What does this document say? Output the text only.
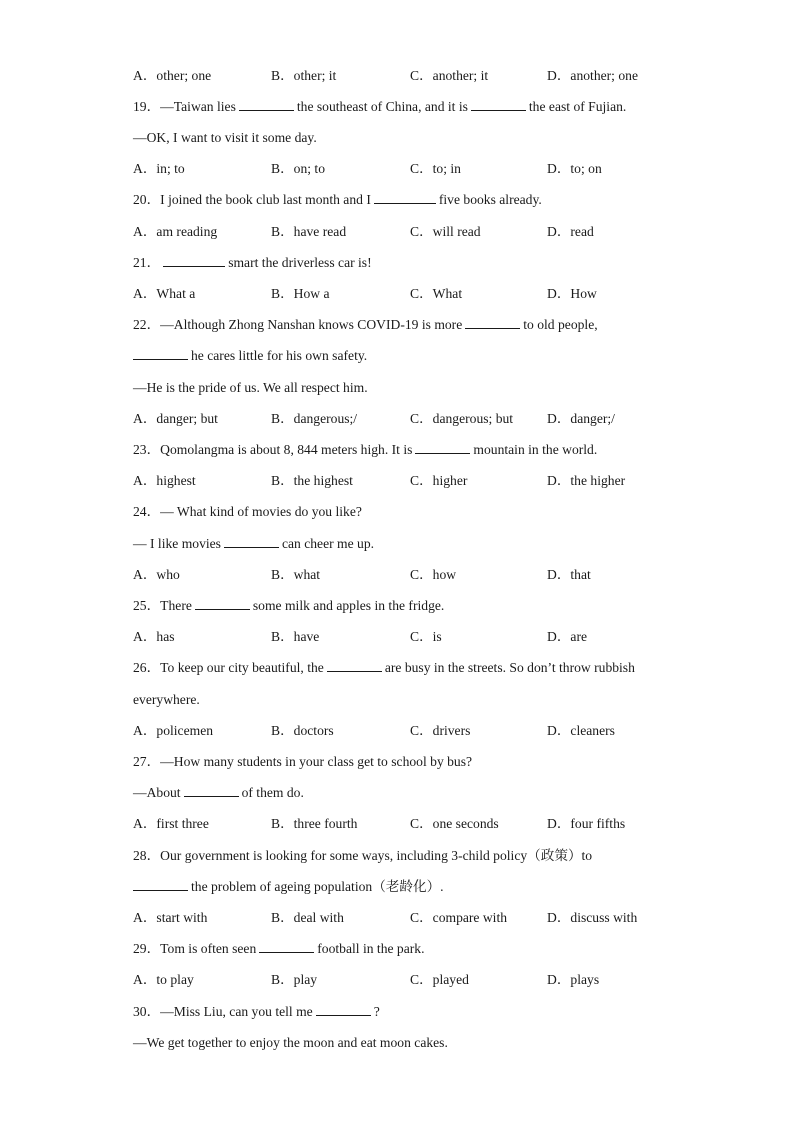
A．other; one	B．other; it	C．another; it	D．another; one
19．—Taiwan lies	the southeast of China, and it is	the east of Fujian.
—OK, I want to visit it some day.
A．in; to	B．on; to	C．to; in	D．to; on
20．I joined the book club last month and I	five books already.
A．am reading	B．have read	C．will read	D．read
21．	smart the driverless car is!
A．What a	B．How a	C．What	D．How
22．—Although Zhong Nanshan knows COVID-19 is more	to old people,
he cares little for his own safety.
—He is the pride of us. We all respect him.
A．danger; but	B．dangerous;/	C．dangerous; but D．danger;/
23．Qomolangma is about 8, 844 meters high. It is	mountain in the world.
A．highest	B．the highest	C．higher	D．the higher
24．— What kind of movies do you like?
— I like movies	can cheer me up.
A．who	B．what	C．how	D．that
25．There	some milk and apples in the fridge.
A．has	B．have	C．is	D．are
26．To keep our city beautiful, the	are busy in the streets. So don’t throw rubbish
everywhere.
A．policemen	B．doctors	C．drivers	D．cleaners
27．—How many students in your class get to school by bus?
—About	of them do.
A．first three	B．three fourth	C．one seconds	D．four fifths
28．Our government is looking for some ways, including 3-child policy（政策）to
the problem of ageing population（老龄化）.
A．start with	B．deal with	C．compare with	D．discuss with
29．Tom is often seen	football in the park.
A．to play	B．play	C．played	D．plays
30．—Miss Liu, can you tell me	?
—We get together to enjoy the moon and eat moon cakes.
